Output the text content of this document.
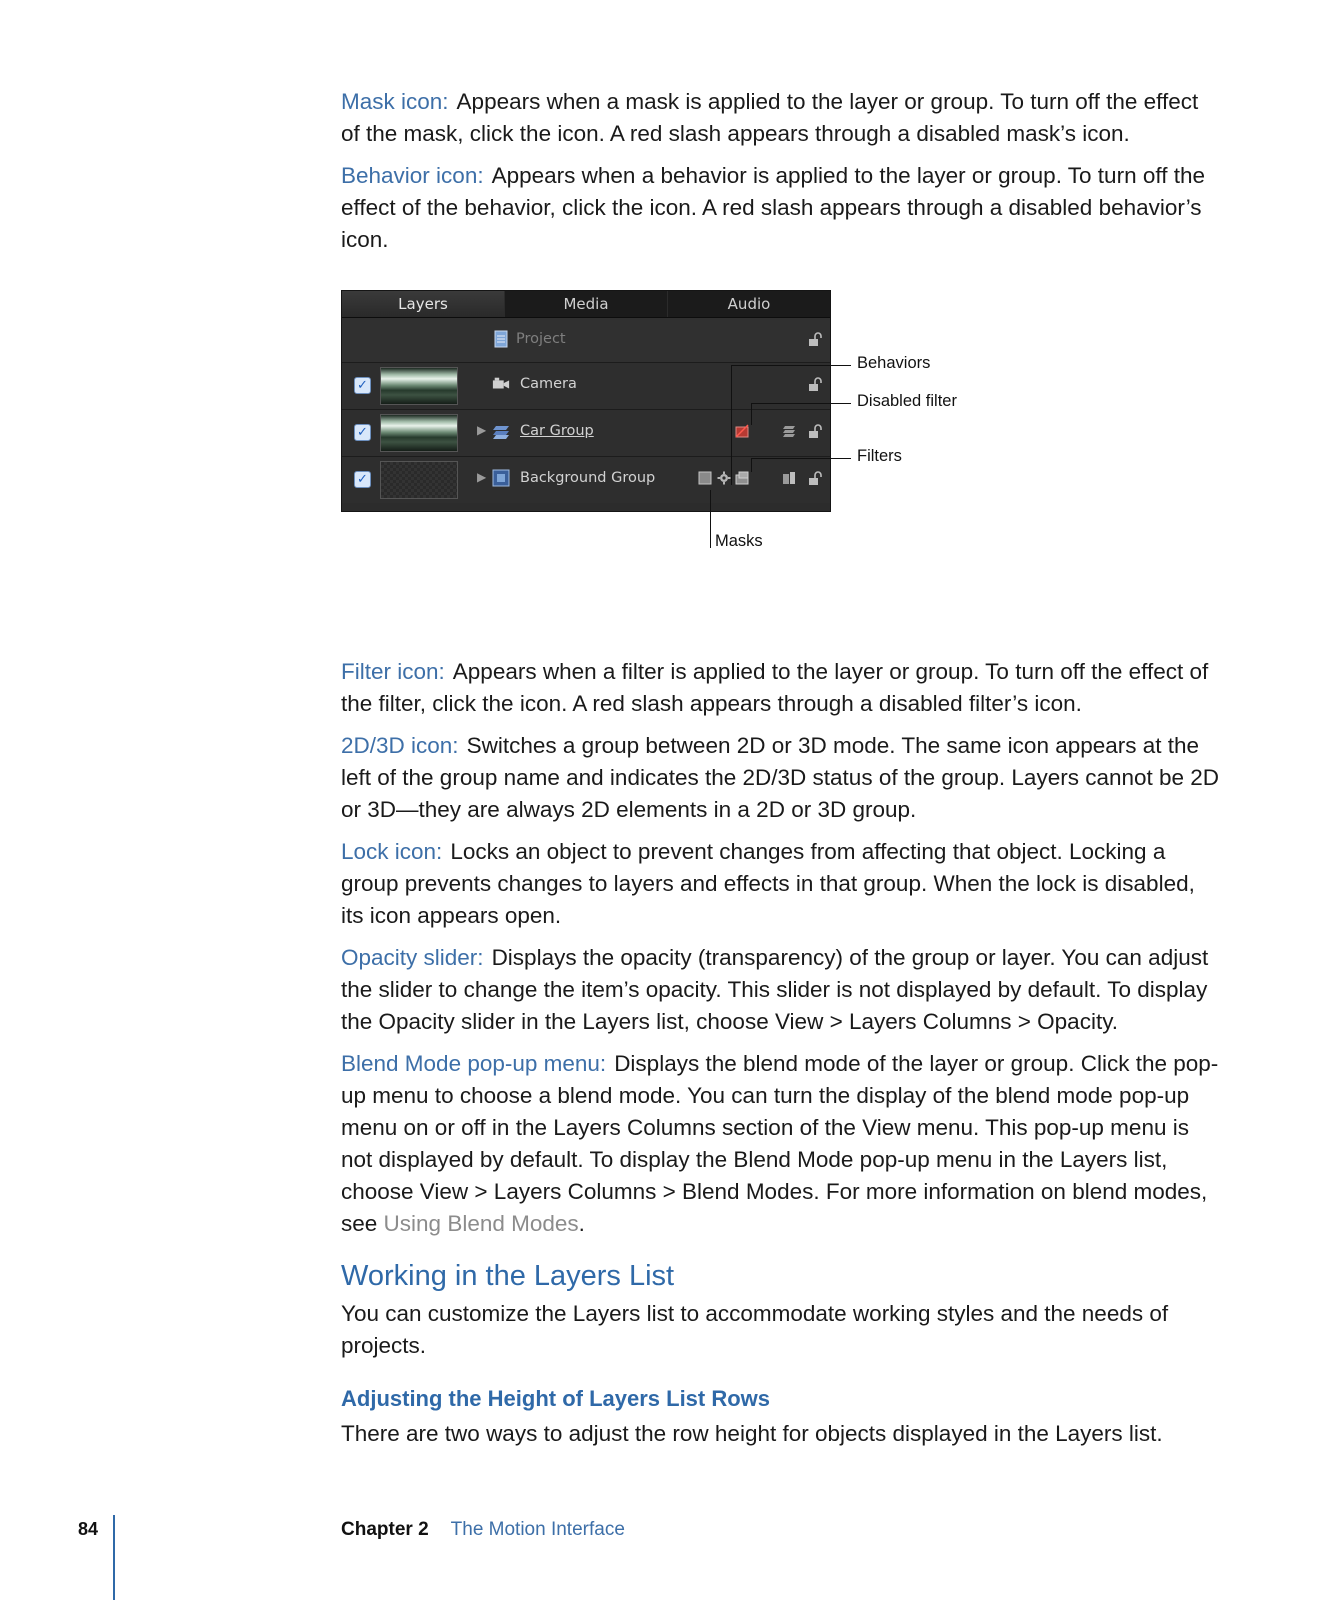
Mask icon: Appears when a mask is applied to the layer or group. To turn off the effect of the mask, click the icon. A red slash appears through a disabled mask’s icon.

Behavior icon: Appears when a behavior is applied to the layer or group. To turn off the effect of the behavior, click the icon. A red slash appears through a disabled behavior’s icon.

Layers	Media	Audio
Project
✓	Camera
✓	▶ Car Group
✓	▶ Background Group
Behaviors
Disabled filter
Filters
Masks

Filter icon: Appears when a filter is applied to the layer or group. To turn off the effect of the filter, click the icon. A red slash appears through a disabled filter’s icon.

2D/3D icon: Switches a group between 2D or 3D mode. The same icon appears at the left of the group name and indicates the 2D/3D status of the group. Layers cannot be 2D or 3D—they are always 2D elements in a 2D or 3D group.

Lock icon: Locks an object to prevent changes from affecting that object. Locking a group prevents changes to layers and effects in that group. When the lock is disabled, its icon appears open.

Opacity slider: Displays the opacity (transparency) of the group or layer. You can adjust the slider to change the item’s opacity. This slider is not displayed by default. To display the Opacity slider in the Layers list, choose View > Layers Columns > Opacity.

Blend Mode pop-up menu: Displays the blend mode of the layer or group. Click the pop-up menu to choose a blend mode. You can turn the display of the blend mode pop-up menu on or off in the Layers Columns section of the View menu. This pop-up menu is not displayed by default. To display the Blend Mode pop-up menu in the Layers list, choose View > Layers Columns > Blend Modes. For more information on blend modes, see Using Blend Modes.

Working in the Layers List

You can customize the Layers list to accommodate working styles and the needs of projects.

Adjusting the Height of Layers List Rows

There are two ways to adjust the row height for objects displayed in the Layers list.

84	Chapter 2 The Motion Interface
